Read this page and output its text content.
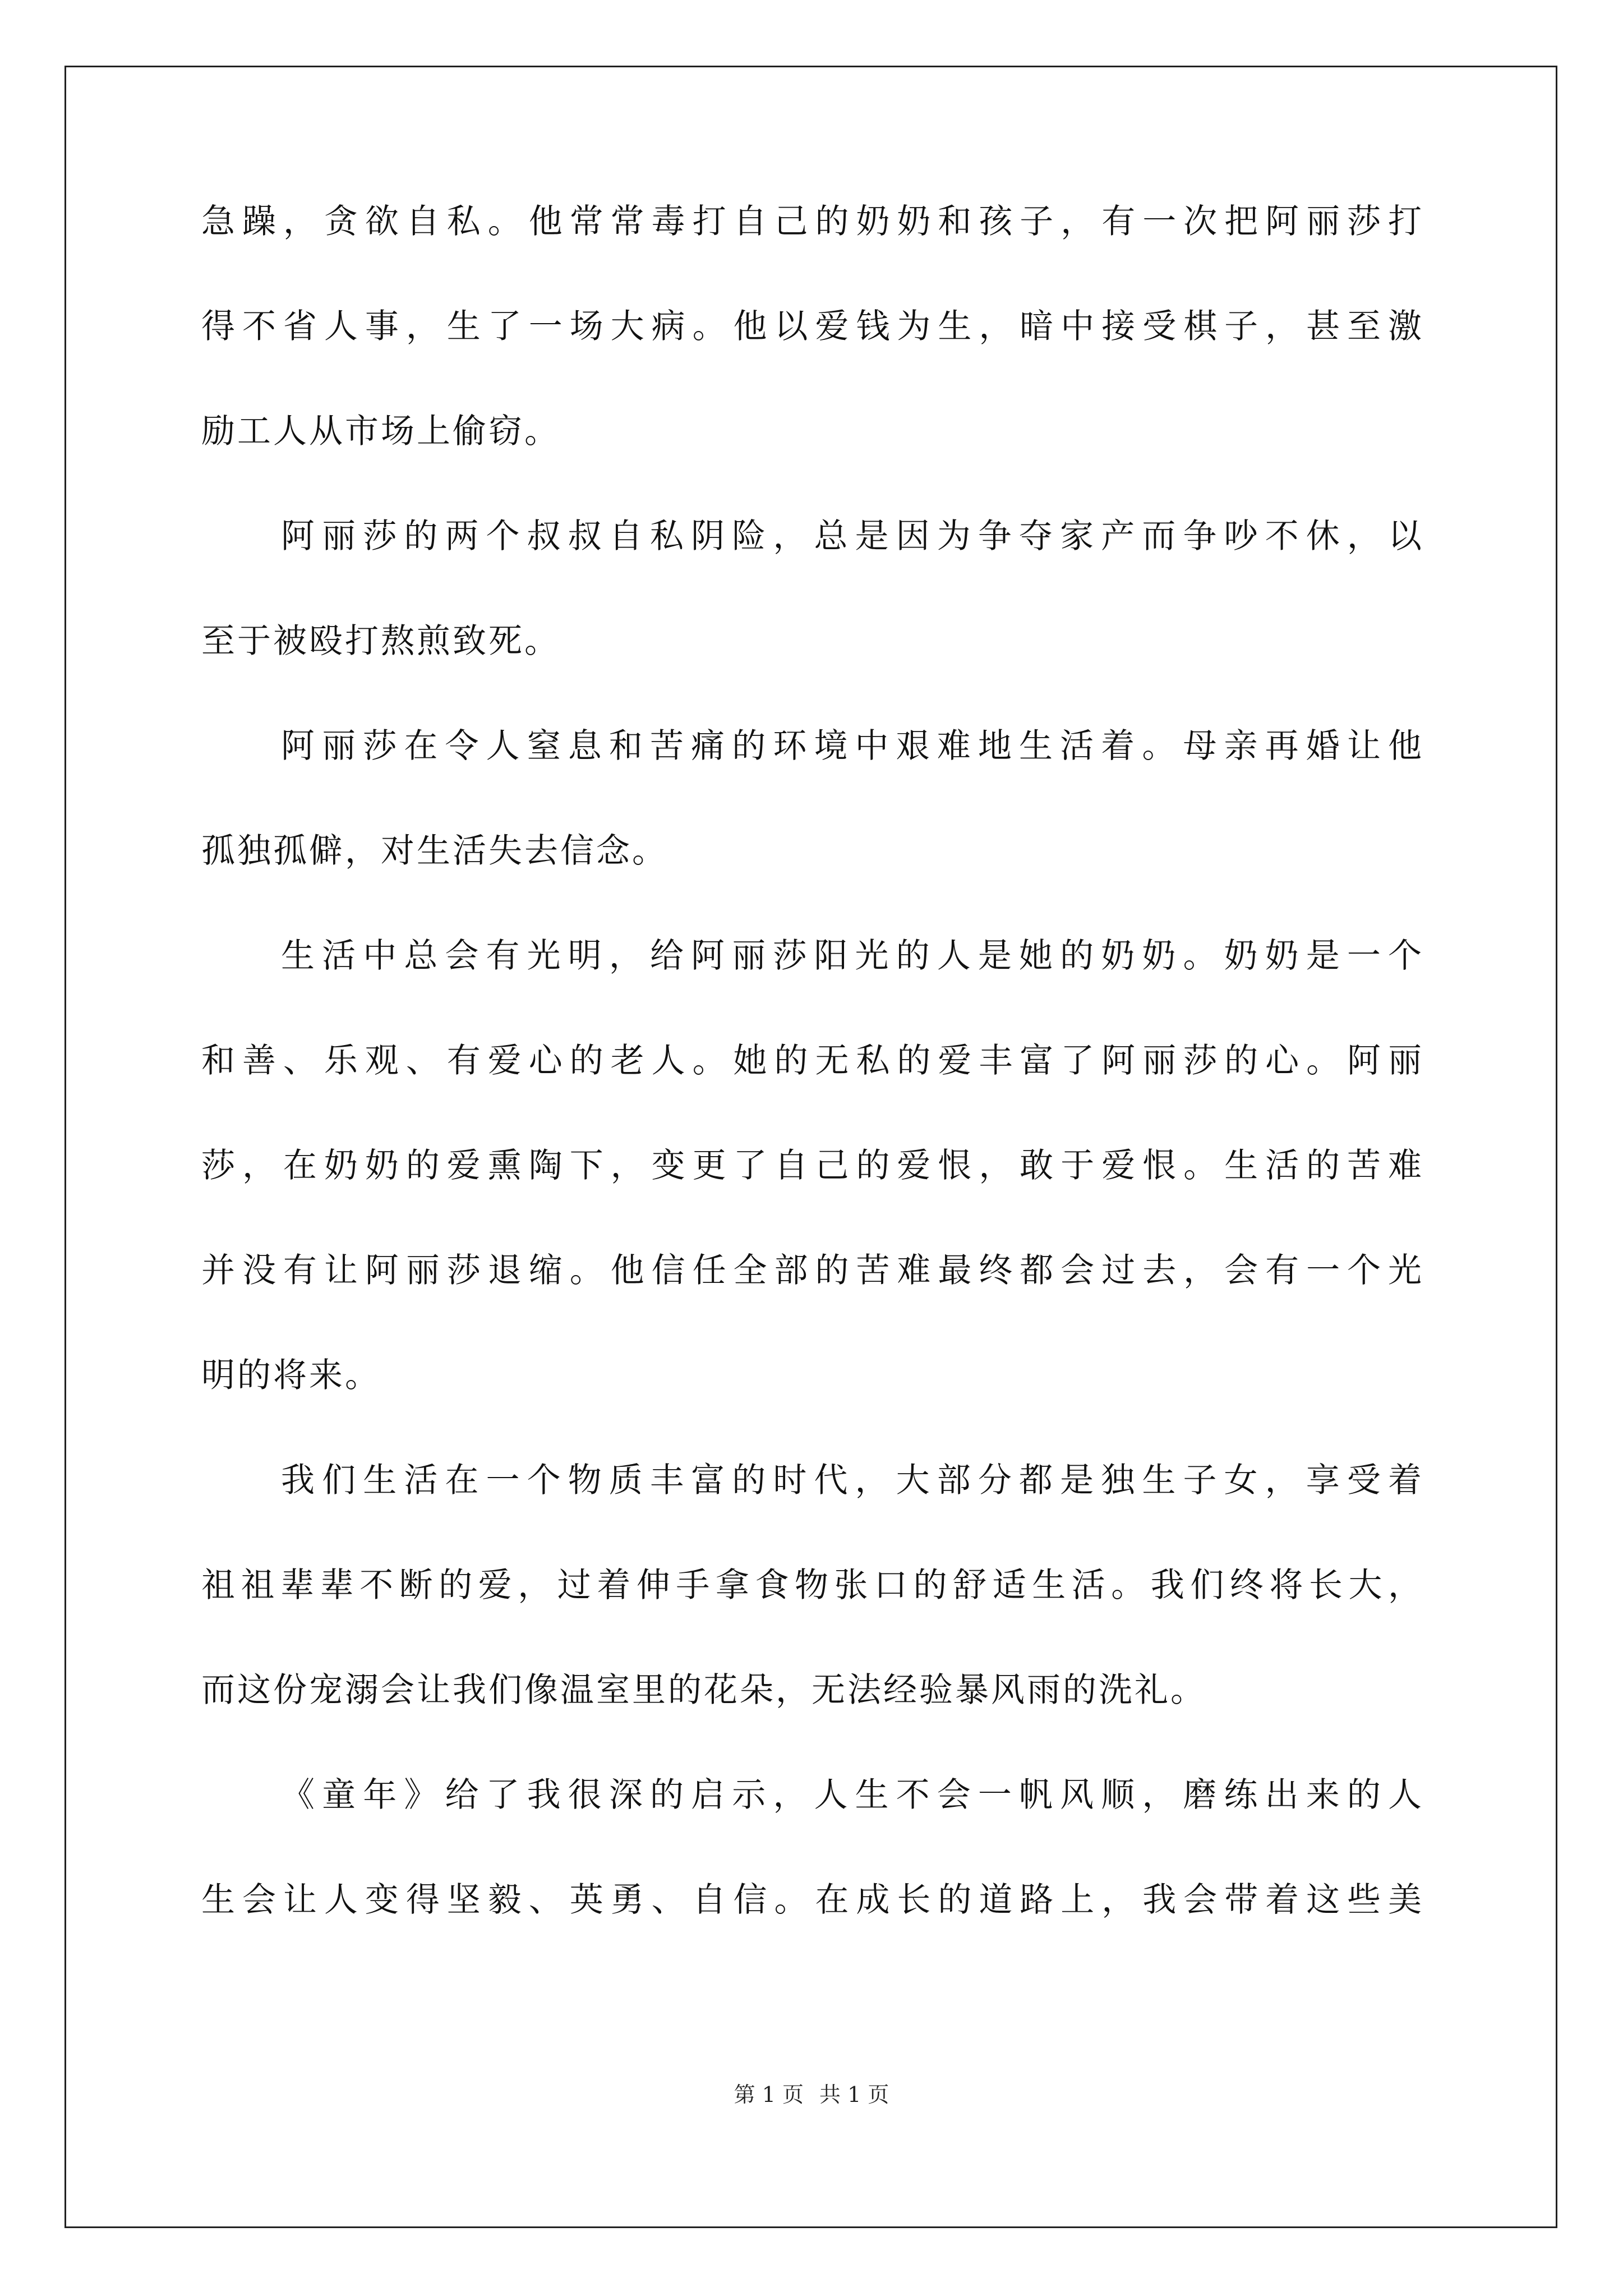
急躁，贪欲自私。他常常毒打自己的奶奶和孩子，有一次把阿丽莎打
得不省人事，生了一场大病。他以爱钱为生，暗中接受棋子，甚至激
励工人从市场上偷窃。
阿丽莎的两个叔叔自私阴险，总是因为争夺家产而争吵不休，以
至于被殴打熬煎致死。
阿丽莎在令人窒息和苦痛的环境中艰难地生活着。母亲再婚让他
孤独孤僻，对生活失去信念。
生活中总会有光明，给阿丽莎阳光的人是她的奶奶。奶奶是一个
和善、乐观、有爱心的老人。她的无私的爱丰富了阿丽莎的心。阿丽
莎，在奶奶的爱熏陶下，变更了自己的爱恨，敢于爱恨。生活的苦难
并没有让阿丽莎退缩。他信任全部的苦难最终都会过去，会有一个光
明的将来。
我们生活在一个物质丰富的时代，大部分都是独生子女，享受着
祖祖辈辈不断的爱，过着伸手拿食物张口的舒适生活。我们终将长大，
而这份宠溺会让我们像温室里的花朵，无法经验暴风雨的洗礼。
《童年》给了我很深的启示，人生不会一帆风顺，磨练出来的人
生会让人变得坚毅、英勇、自信。在成长的道路上，我会带着这些美
第 1 页 共 1 页
